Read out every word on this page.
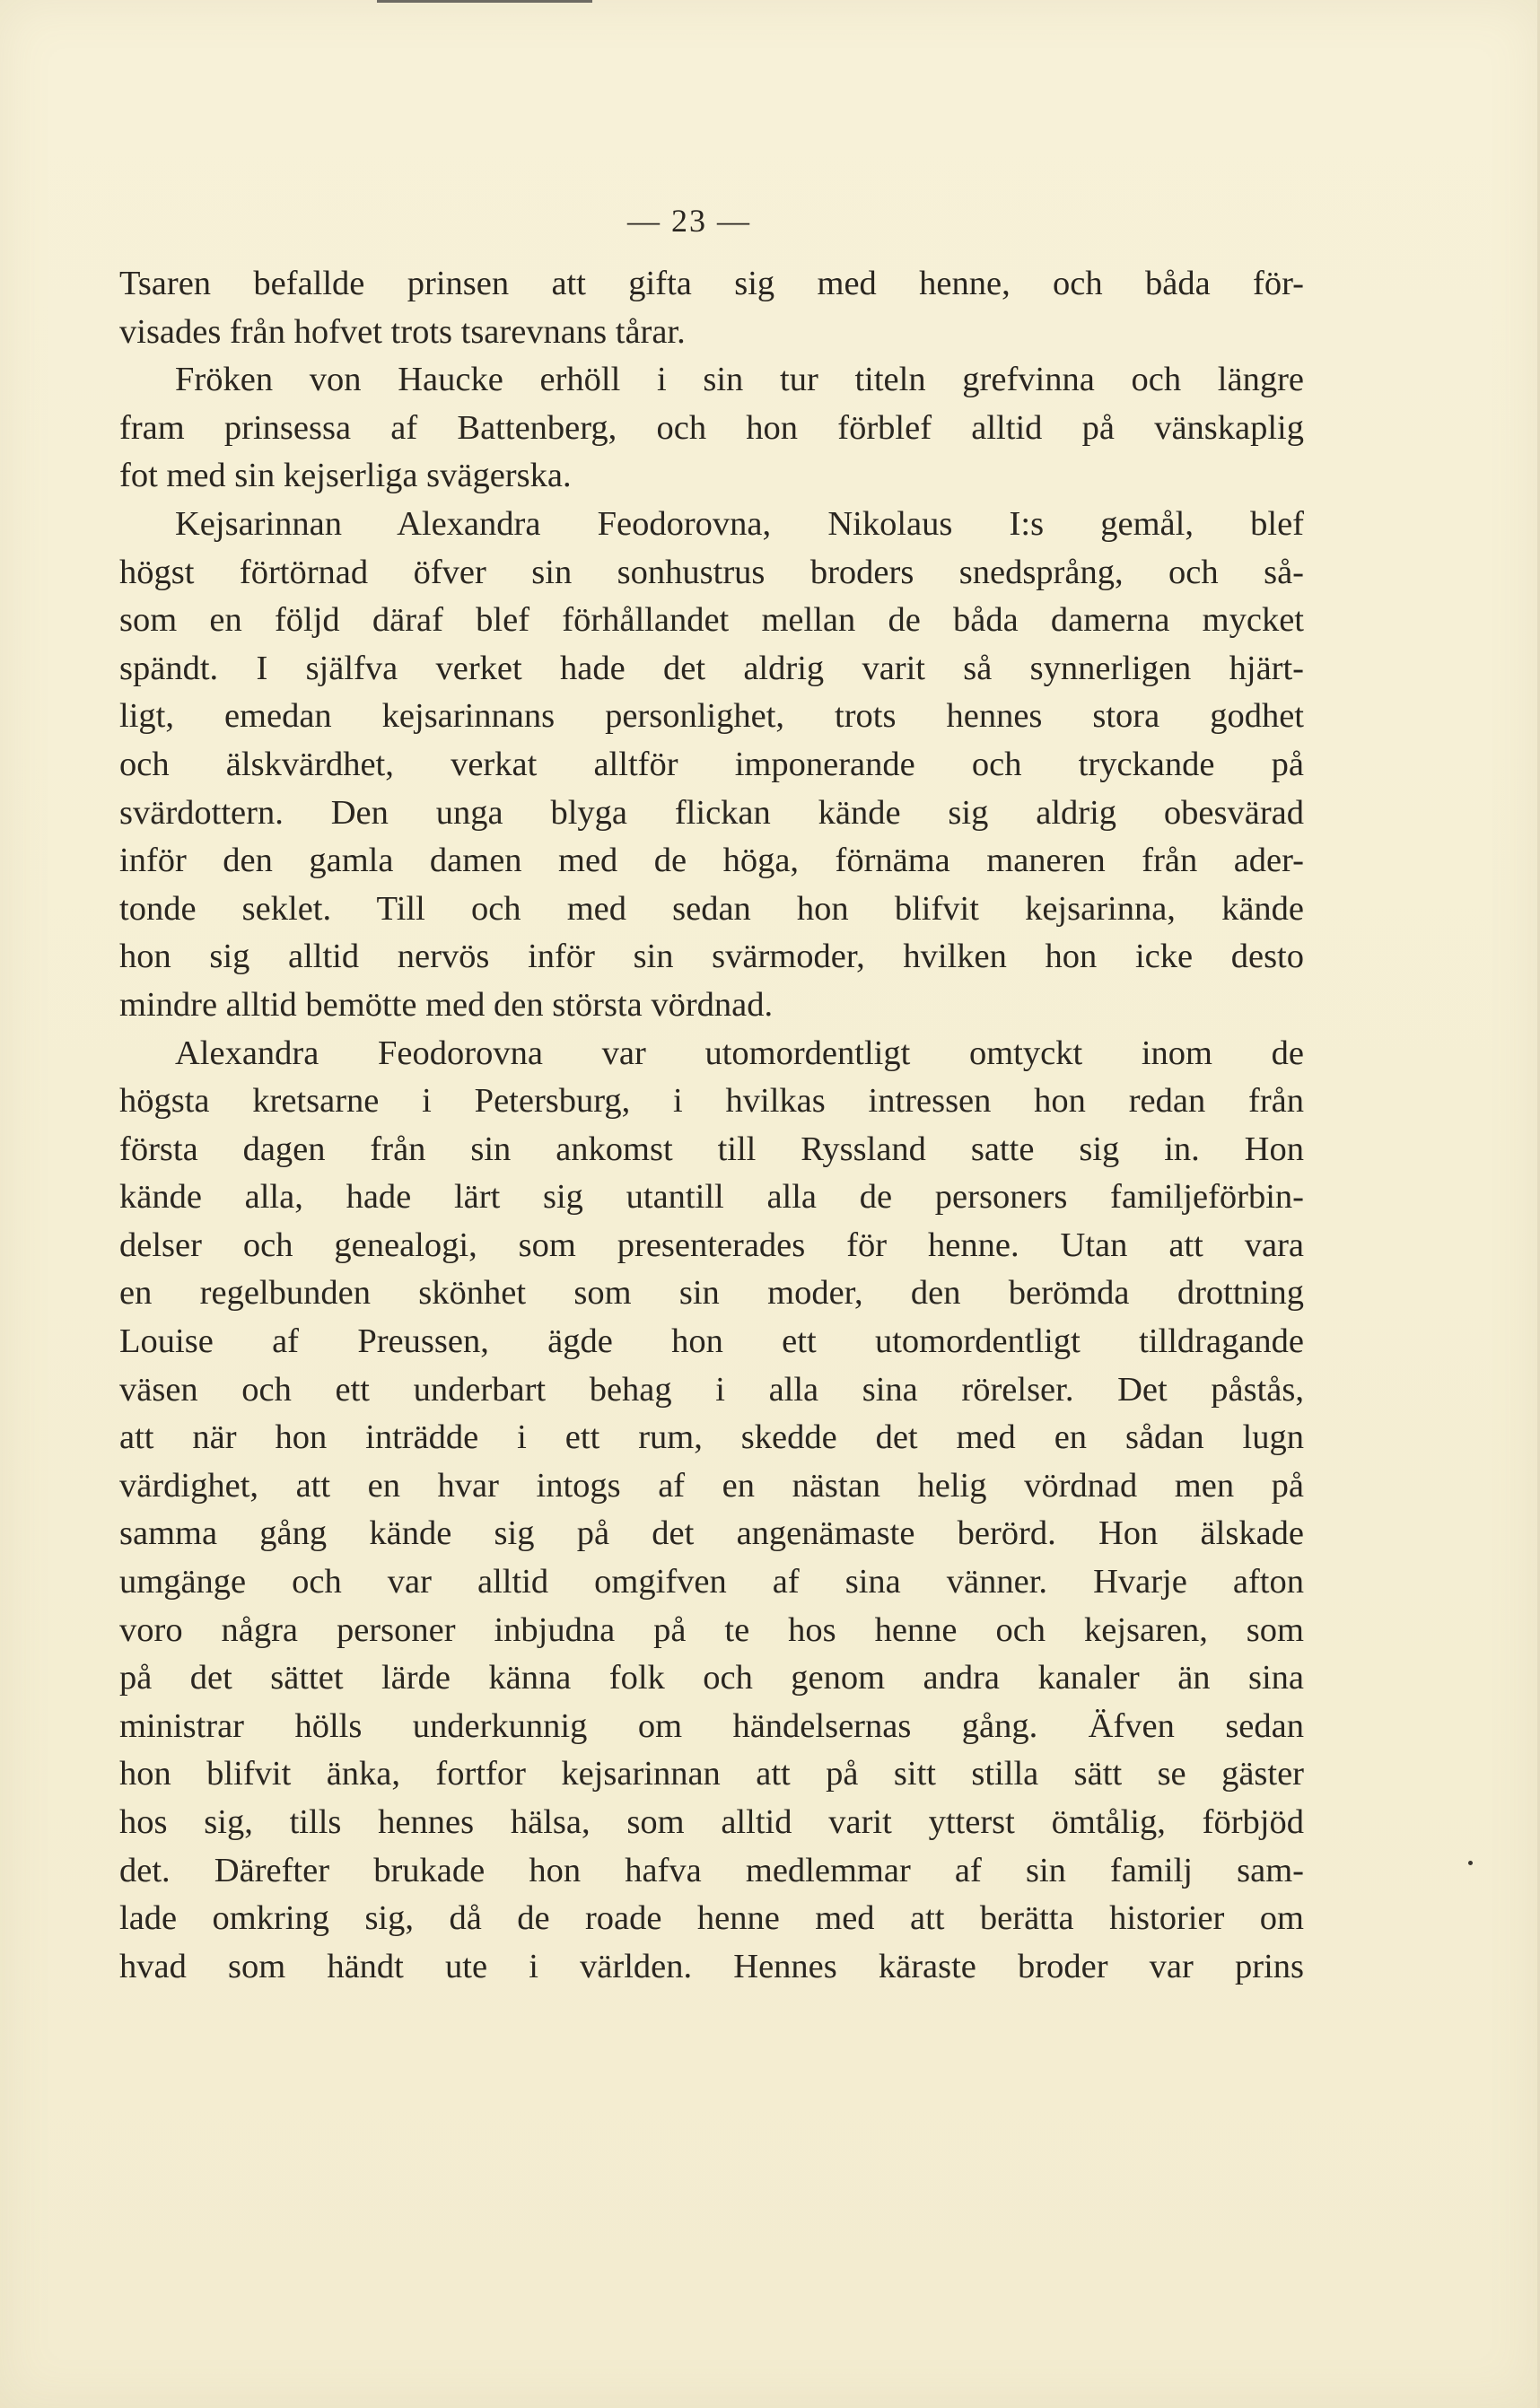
— 23 —
Tsaren befallde prinsen att gifta sig med henne, och båda för-
visades från hofvet trots tsarevnans tårar.
Fröken von Haucke erhöll i sin tur titeln grefvinna och längre
fram prinsessa af Battenberg, och hon förblef alltid på vänskaplig
fot med sin kejserliga svägerska.
Kejsarinnan Alexandra Feodorovna, Nikolaus I:s gemål, blef
högst förtörnad öfver sin sonhustrus broders snedsprång, och så-
som en följd däraf blef förhållandet mellan de båda damerna mycket
spändt. I själfva verket hade det aldrig varit så synnerligen hjärt-
ligt, emedan kejsarinnans personlighet, trots hennes stora godhet
och älskvärdhet, verkat alltför imponerande och tryckande på
svärdottern. Den unga blyga flickan kände sig aldrig obesvärad
inför den gamla damen med de höga, förnäma maneren från ader-
tonde seklet. Till och med sedan hon blifvit kejsarinna, kände
hon sig alltid nervös inför sin svärmoder, hvilken hon icke desto
mindre alltid bemötte med den största vördnad.
Alexandra Feodorovna var utomordentligt omtyckt inom de
högsta kretsarne i Petersburg, i hvilkas intressen hon redan från
första dagen från sin ankomst till Ryssland satte sig in. Hon
kände alla, hade lärt sig utantill alla de personers familjeförbin-
delser och genealogi, som presenterades för henne. Utan att vara
en regelbunden skönhet som sin moder, den berömda drottning
Louise af Preussen, ägde hon ett utomordentligt tilldragande
väsen och ett underbart behag i alla sina rörelser. Det påstås,
att när hon inträdde i ett rum, skedde det med en sådan lugn
värdighet, att en hvar intogs af en nästan helig vördnad men på
samma gång kände sig på det angenämaste berörd. Hon älskade
umgänge och var alltid omgifven af sina vänner. Hvarje afton
voro några personer inbjudna på te hos henne och kejsaren, som
på det sättet lärde känna folk och genom andra kanaler än sina
ministrar hölls underkunnig om händelsernas gång. Äfven sedan
hon blifvit änka, fortfor kejsarinnan att på sitt stilla sätt se gäster
hos sig, tills hennes hälsa, som alltid varit ytterst ömtålig, förbjöd
det. Därefter brukade hon hafva medlemmar af sin familj sam-
lade omkring sig, då de roade henne med att berätta historier om
hvad som händt ute i världen. Hennes käraste broder var prins
